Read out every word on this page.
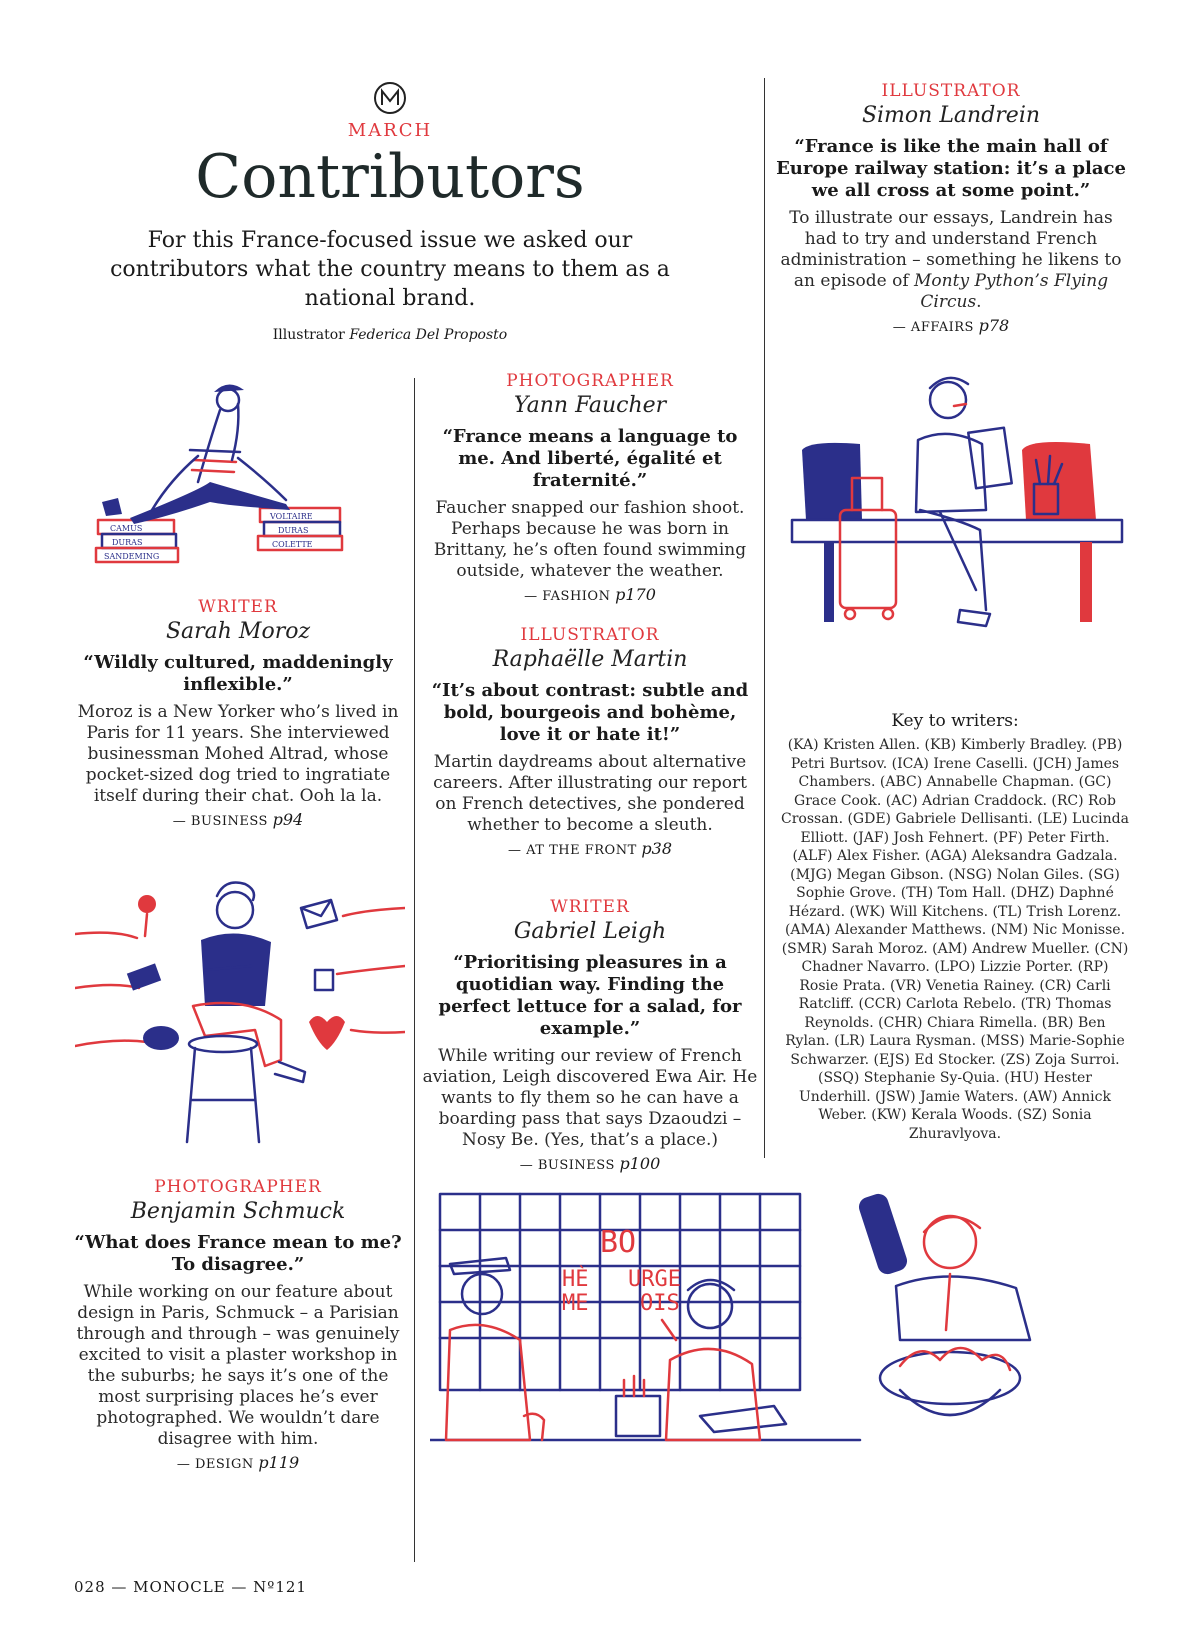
MARCH
Contributors
For this France-focused issue we asked our contributors what the country means to them as a national brand.
Illustrator Federica Del Proposto
ILLUSTRATOR
Simon Landrein
“France is like the main hall of Europe railway station: it’s a place we all cross at some point.”
To illustrate our essays, Landrein has had to try and understand French administration – something he likens to an episode of Monty Python’s Flying Circus.
— AFFAIRS p78
PHOTOGRAPHER
Yann Faucher
“France means a language to me. And liberté, égalité et fraternité.”
Faucher snapped our fashion shoot. Perhaps because he was born in Brittany, he’s often found swimming outside, whatever the weather.
— FASHION p170
WRITER
Sarah Moroz
“Wildly cultured, maddeningly inflexible.”
Moroz is a New Yorker who’s lived in Paris for 11 years. She interviewed businessman Mohed Altrad, whose pocket-sized dog tried to ingratiate itself during their chat. Ooh la la.
— BUSINESS p94
ILLUSTRATOR
Raphaëlle Martin
“It’s about contrast: subtle and bold, bourgeois and bohème, love it or hate it!”
Martin daydreams about alternative careers. After illustrating our report on French detectives, she pondered whether to become a sleuth.
— AT THE FRONT p38
WRITER
Gabriel Leigh
“Prioritising pleasures in a quotidian way. Finding the perfect lettuce for a salad, for example.”
While writing our review of French aviation, Leigh discovered Ewa Air. He wants to fly them so he can have a boarding pass that says Dzaoudzi – Nosy Be. (Yes, that’s a place.)
— BUSINESS p100
PHOTOGRAPHER
Benjamin Schmuck
“What does France mean to me? To disagree.”
While working on our feature about design in Paris, Schmuck – a Parisian through and through – was genuinely excited to visit a plaster workshop in the suburbs; he says it’s one of the most surprising places he’s ever photographed. We wouldn’t dare disagree with him.
— DESIGN p119
Key to writers:
(KA) Kristen Allen. (KB) Kimberly Bradley. (PB) Petri Burtsov. (ICA) Irene Caselli. (JCH) James Chambers. (ABC) Annabelle Chapman. (GC) Grace Cook. (AC) Adrian Craddock. (RC) Rob Crossan. (GDE) Gabriele Dellisanti. (LE) Lucinda Elliott. (JAF) Josh Fehnert. (PF) Peter Firth. (ALF) Alex Fisher. (AGA) Aleksandra Gadzala. (MJG) Megan Gibson. (NSG) Nolan Giles. (SG) Sophie Grove. (TH) Tom Hall. (DHZ) Daphné Hézard. (WK) Will Kitchens. (TL) Trish Lorenz. (AMA) Alexander Matthews. (NM) Nic Monisse. (SMR) Sarah Moroz. (AM) Andrew Mueller. (CN) Chadner Navarro. (LPO) Lizzie Porter. (RP) Rosie Prata. (VR) Venetia Rainey. (CR) Carli Ratcliff. (CCR) Carlota Rebelo. (TR) Thomas Reynolds. (CHR) Chiara Rimella. (BR) Ben Rylan. (LR) Laura Rysman. (MSS) Marie-Sophie Schwarzer. (EJS) Ed Stocker. (ZS) Zoja Surroi. (SSQ) Stephanie Sy-Quia. (HU) Hester Underhill. (JSW) Jamie Waters. (AW) Annick Weber. (KW) Kerala Woods. (SZ) Sonia Zhuravlyova.
CAMUS
DURAS
SANDEMING
VOLTAIRE
DURAS
COLETTE
BO
HÈ
ME
URGE
OIS
028 — MONOCLE — Nº121
